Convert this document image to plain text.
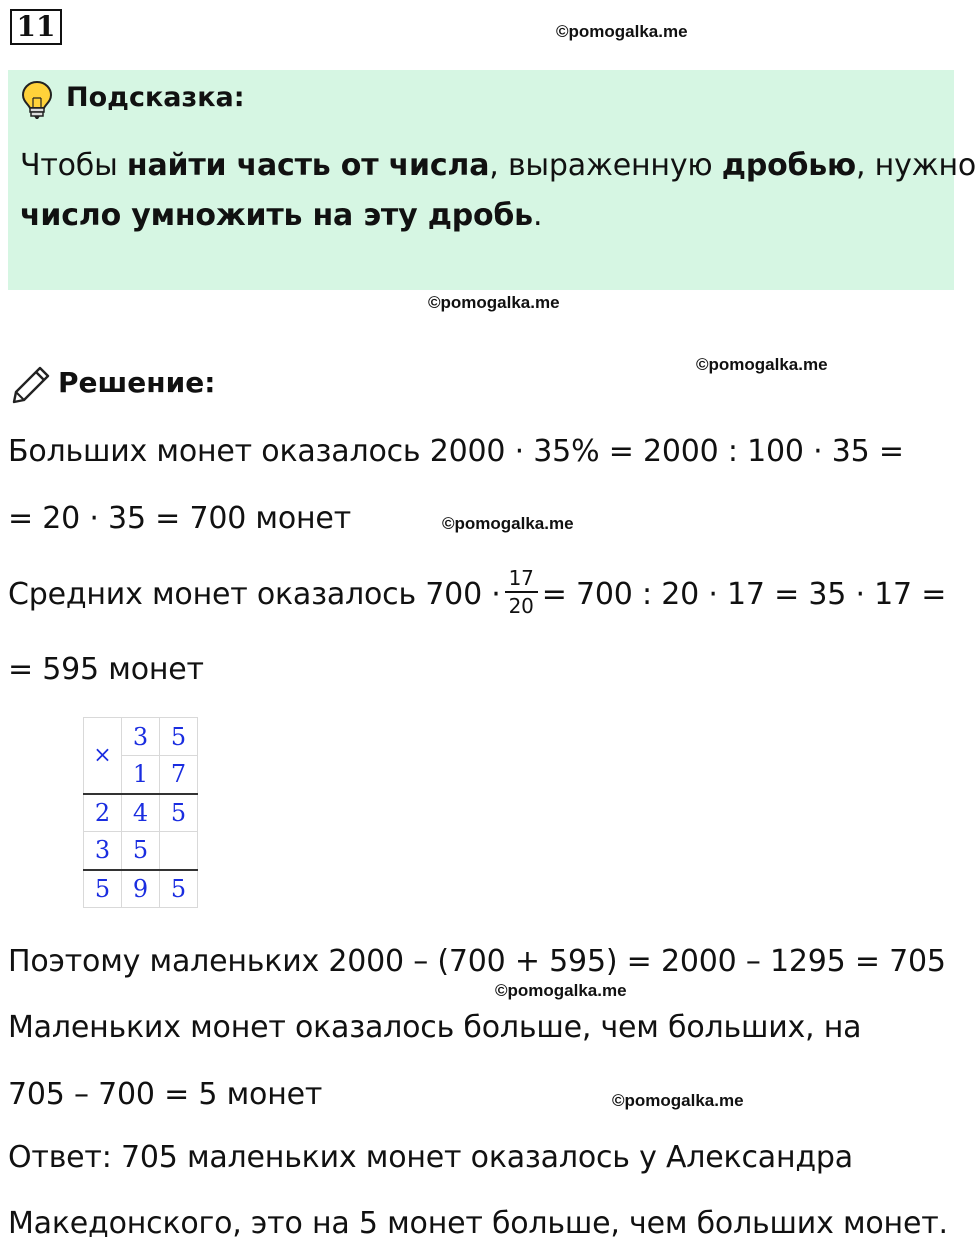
11	©pomogalka.me
Подсказка:
Чтобы найти часть от числа, выраженную дробью, нужно
число умножить на эту дробь.
©pomogalka.me
Решение:
©pomogalka.me
Больших монет оказалось 2000 · 35% = 2000 : 100 · 35 =
= 20 · 35 = 700 монет	©pomogalka.me
Средних монет оказалось $700 \cdot \frac{17}{20} = 700$ : 20 · 17 = 35 · 17 =
= 595 монет
×	3	5
	1	7
2	4	5
3	5	
5	9	5
Поэтому маленьких 2000 – (700 + 595) = 2000 – 1295 = 705
©pomogalka.me
Маленьких монет оказалось больше, чем больших, на
705 – 700 = 5 монет	©pomogalka.me
Ответ: 705 маленьких монет оказалось у Александра
Македонского, это на 5 монет больше, чем больших монет.
